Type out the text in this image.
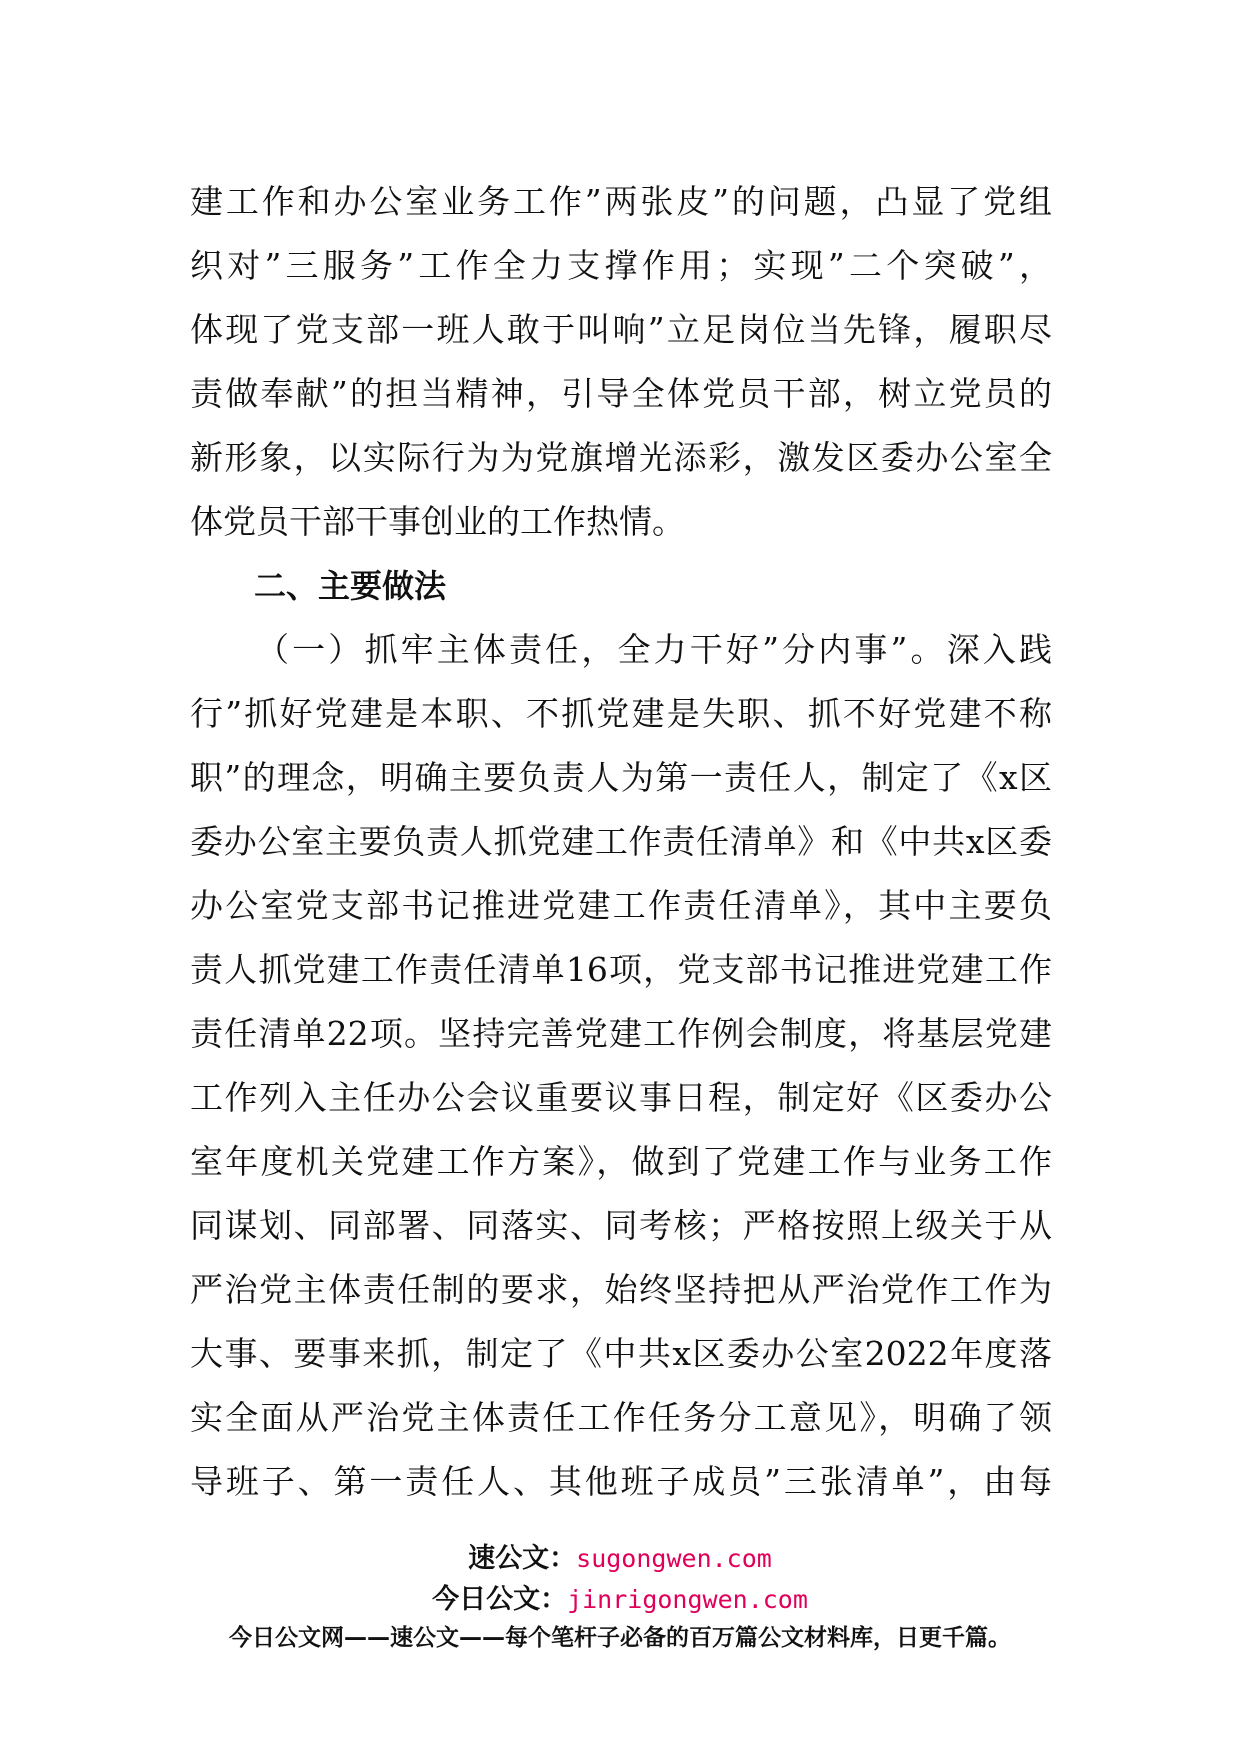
建工作和办公室业务工作”两张皮”的问题，凸显了党组
织对”三服务”工作全力支撑作用；实现”二个突破”，
体现了党支部一班人敢于叫响”立足岗位当先锋，履职尽
责做奉献”的担当精神，引导全体党员干部，树立党员的
新形象，以实际行为为党旗增光添彩，激发区委办公室全
体党员干部干事创业的工作热情。
二、主要做法
（一）抓牢主体责任，全力干好”分内事”。深入践
行”抓好党建是本职、不抓党建是失职、抓不好党建不称
职”的理念，明确主要负责人为第一责任人，制定了《x区
委办公室主要负责人抓党建工作责任清单》和《中共x区委
办公室党支部书记推进党建工作责任清单》，其中主要负
责人抓党建工作责任清单16项，党支部书记推进党建工作
责任清单22项。坚持完善党建工作例会制度，将基层党建
工作列入主任办公会议重要议事日程，制定好《区委办公
室年度机关党建工作方案》，做到了党建工作与业务工作
同谋划、同部署、同落实、同考核；严格按照上级关于从
严治党主体责任制的要求，始终坚持把从严治党作工作为
大事、要事来抓，制定了《中共x区委办公室2022年度落
实全面从严治党主体责任工作任务分工意见》，明确了领
导班子、第一责任人、其他班子成员”三张清单”，由每
速公文：sugongwen.com
今日公文：jinrigongwen.com
今日公文网——速公文——每个笔杆子必备的百万篇公文材料库，日更千篇。
